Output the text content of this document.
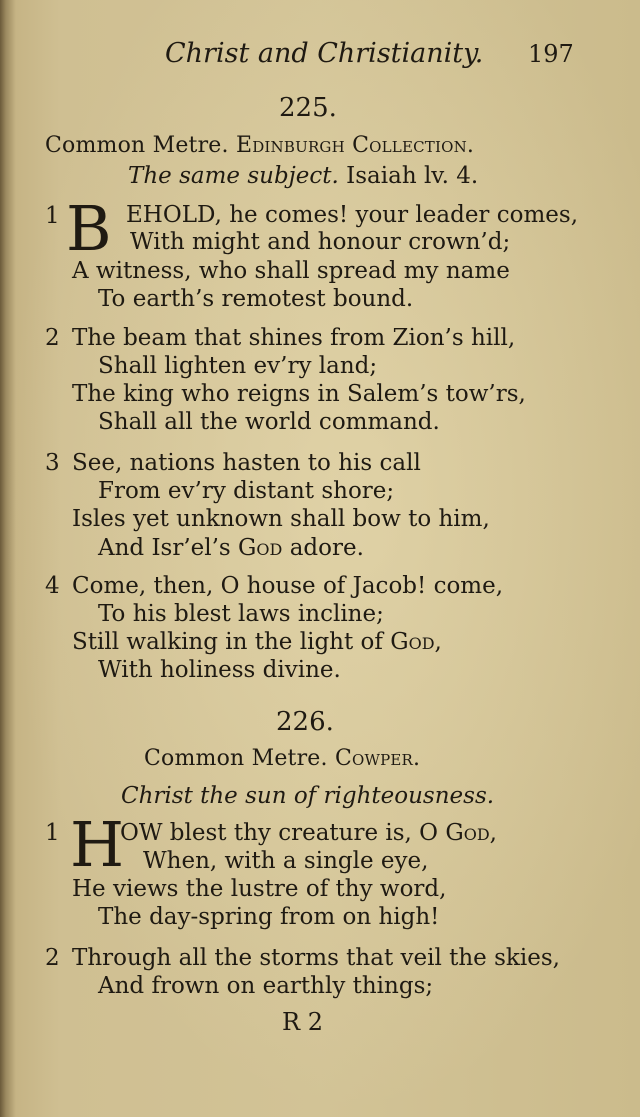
Christ and Christianity. 197
225.
Common Metre. Edinburgh Collection.
The same subject. Isaiah lv. 4.
1 B EHOLD, he comes! your leader comes,
With might and honour crown’d;
A witness, who shall spread my name
To earth’s remotest bound.
2 The beam that shines from Zion’s hill,
Shall lighten ev’ry land;
The king who reigns in Salem’s tow’rs,
Shall all the world command.
3 See, nations hasten to his call
From ev’ry distant shore;
Isles yet unknown shall bow to him,
And Isr’el’s God adore.
4 Come, then, O house of Jacob! come,
To his blest laws incline;
Still walking in the light of God,
With holiness divine.
226.
Common Metre. Cowper.
Christ the sun of righteousness.
1 H
OW blest thy creature is, O God,
When, with a single eye,
He views the lustre of thy word,
The day-spring from on high!
2 Through all the storms that veil the skies,
And frown on earthly things;
R 2
